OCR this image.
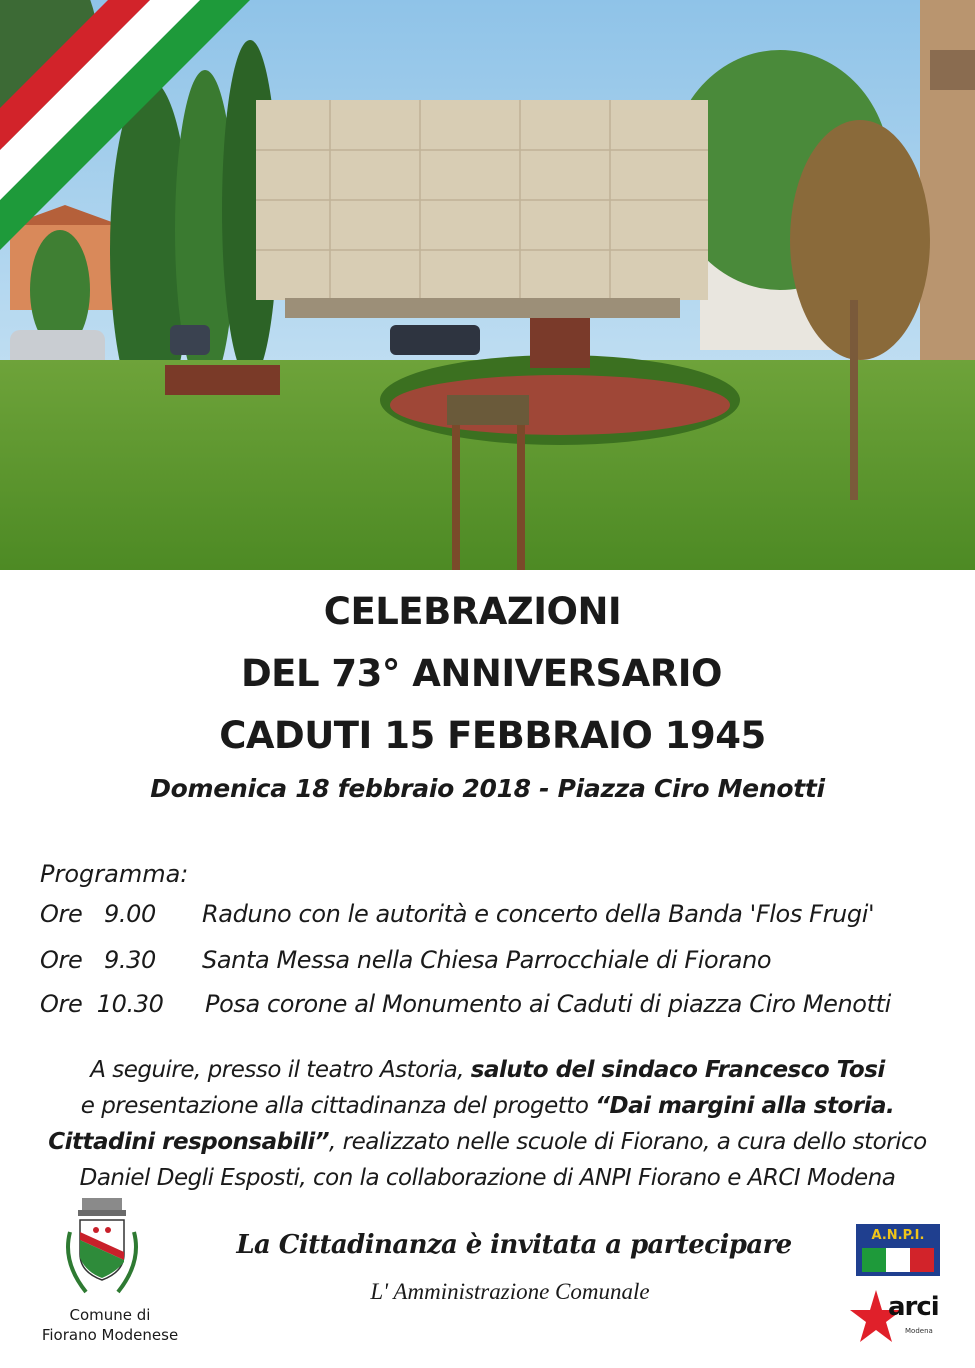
CELEBRAZIONI
DEL 73° ANNIVERSARIO
CADUTI 15 FEBBRAIO 1945
Domenica 18 febbraio 2018 - Piazza Ciro Menotti
Programma:
Ore   9.00 Raduno con le autorità e concerto della Banda 'Flos Frugi'
Ore   9.30 Santa Messa nella Chiesa Parrocchiale di Fiorano
Ore  10.30 Posa corone al Monumento ai Caduti di piazza Ciro Menotti
A seguire, presso il teatro Astoria, saluto del sindaco Francesco Tosi
e presentazione alla cittadinanza del progetto “Dai margini alla storia.
Cittadini responsabili”, realizzato nelle scuole di Fiorano, a cura dello storico
Daniel Degli Esposti, con la collaborazione di ANPI Fiorano e ARCI Modena
La Cittadinanza è invitata a partecipare
L' Amministrazione Comunale
Comune di
Fiorano Modenese
A.N.P.I.
arci
Modena
